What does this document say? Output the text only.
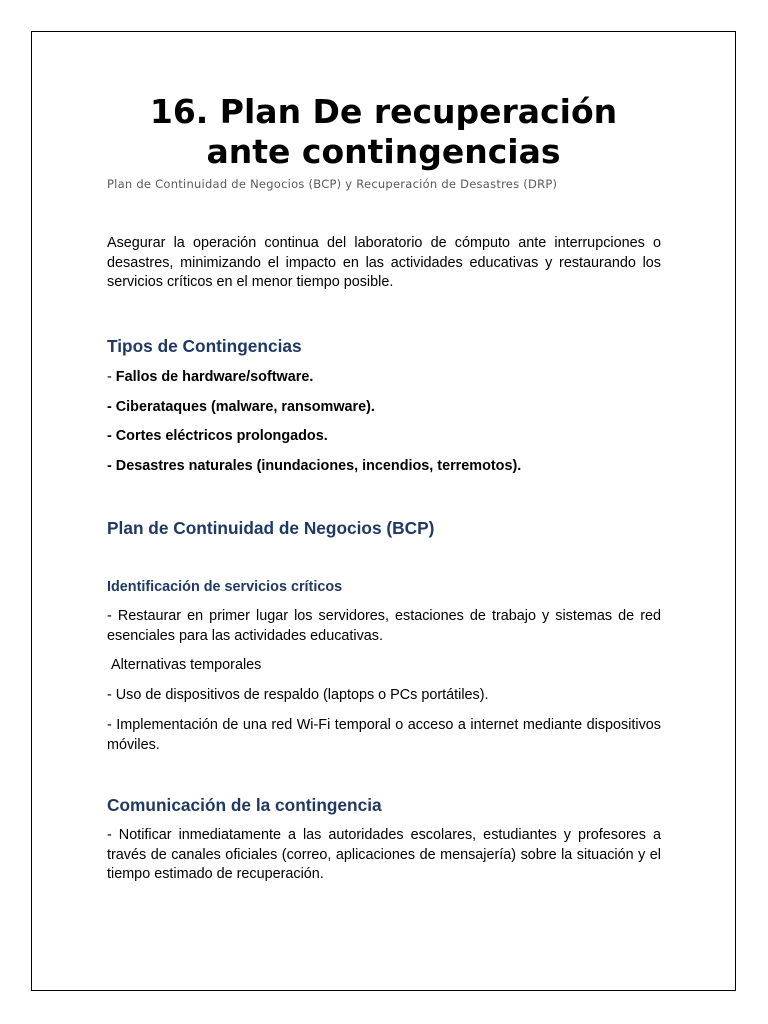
16. Plan De recuperación
ante contingencias

Plan de Continuidad de Negocios (BCP) y Recuperación de Desastres (DRP)

Asegurar la operación continua del laboratorio de cómputo ante interrupciones o desastres, minimizando el impacto en las actividades educativas y restaurando los servicios críticos en el menor tiempo posible.

Tipos de Contingencias

- Fallos de hardware/software.

- Ciberataques (malware, ransomware).

- Cortes eléctricos prolongados.

- Desastres naturales (inundaciones, incendios, terremotos).

Plan de Continuidad de Negocios (BCP)
Identificación de servicios críticos

- Restaurar en primer lugar los servidores, estaciones de trabajo y sistemas de red esenciales para las actividades educativas.

Alternativas temporales

- Uso de dispositivos de respaldo (laptops o PCs portátiles).

- Implementación de una red Wi-Fi temporal o acceso a internet mediante dispositivos móviles.

Comunicación de la contingencia

- Notificar inmediatamente a las autoridades escolares, estudiantes y profesores a través de canales oficiales (correo, aplicaciones de mensajería) sobre la situación y el tiempo estimado de recuperación.
